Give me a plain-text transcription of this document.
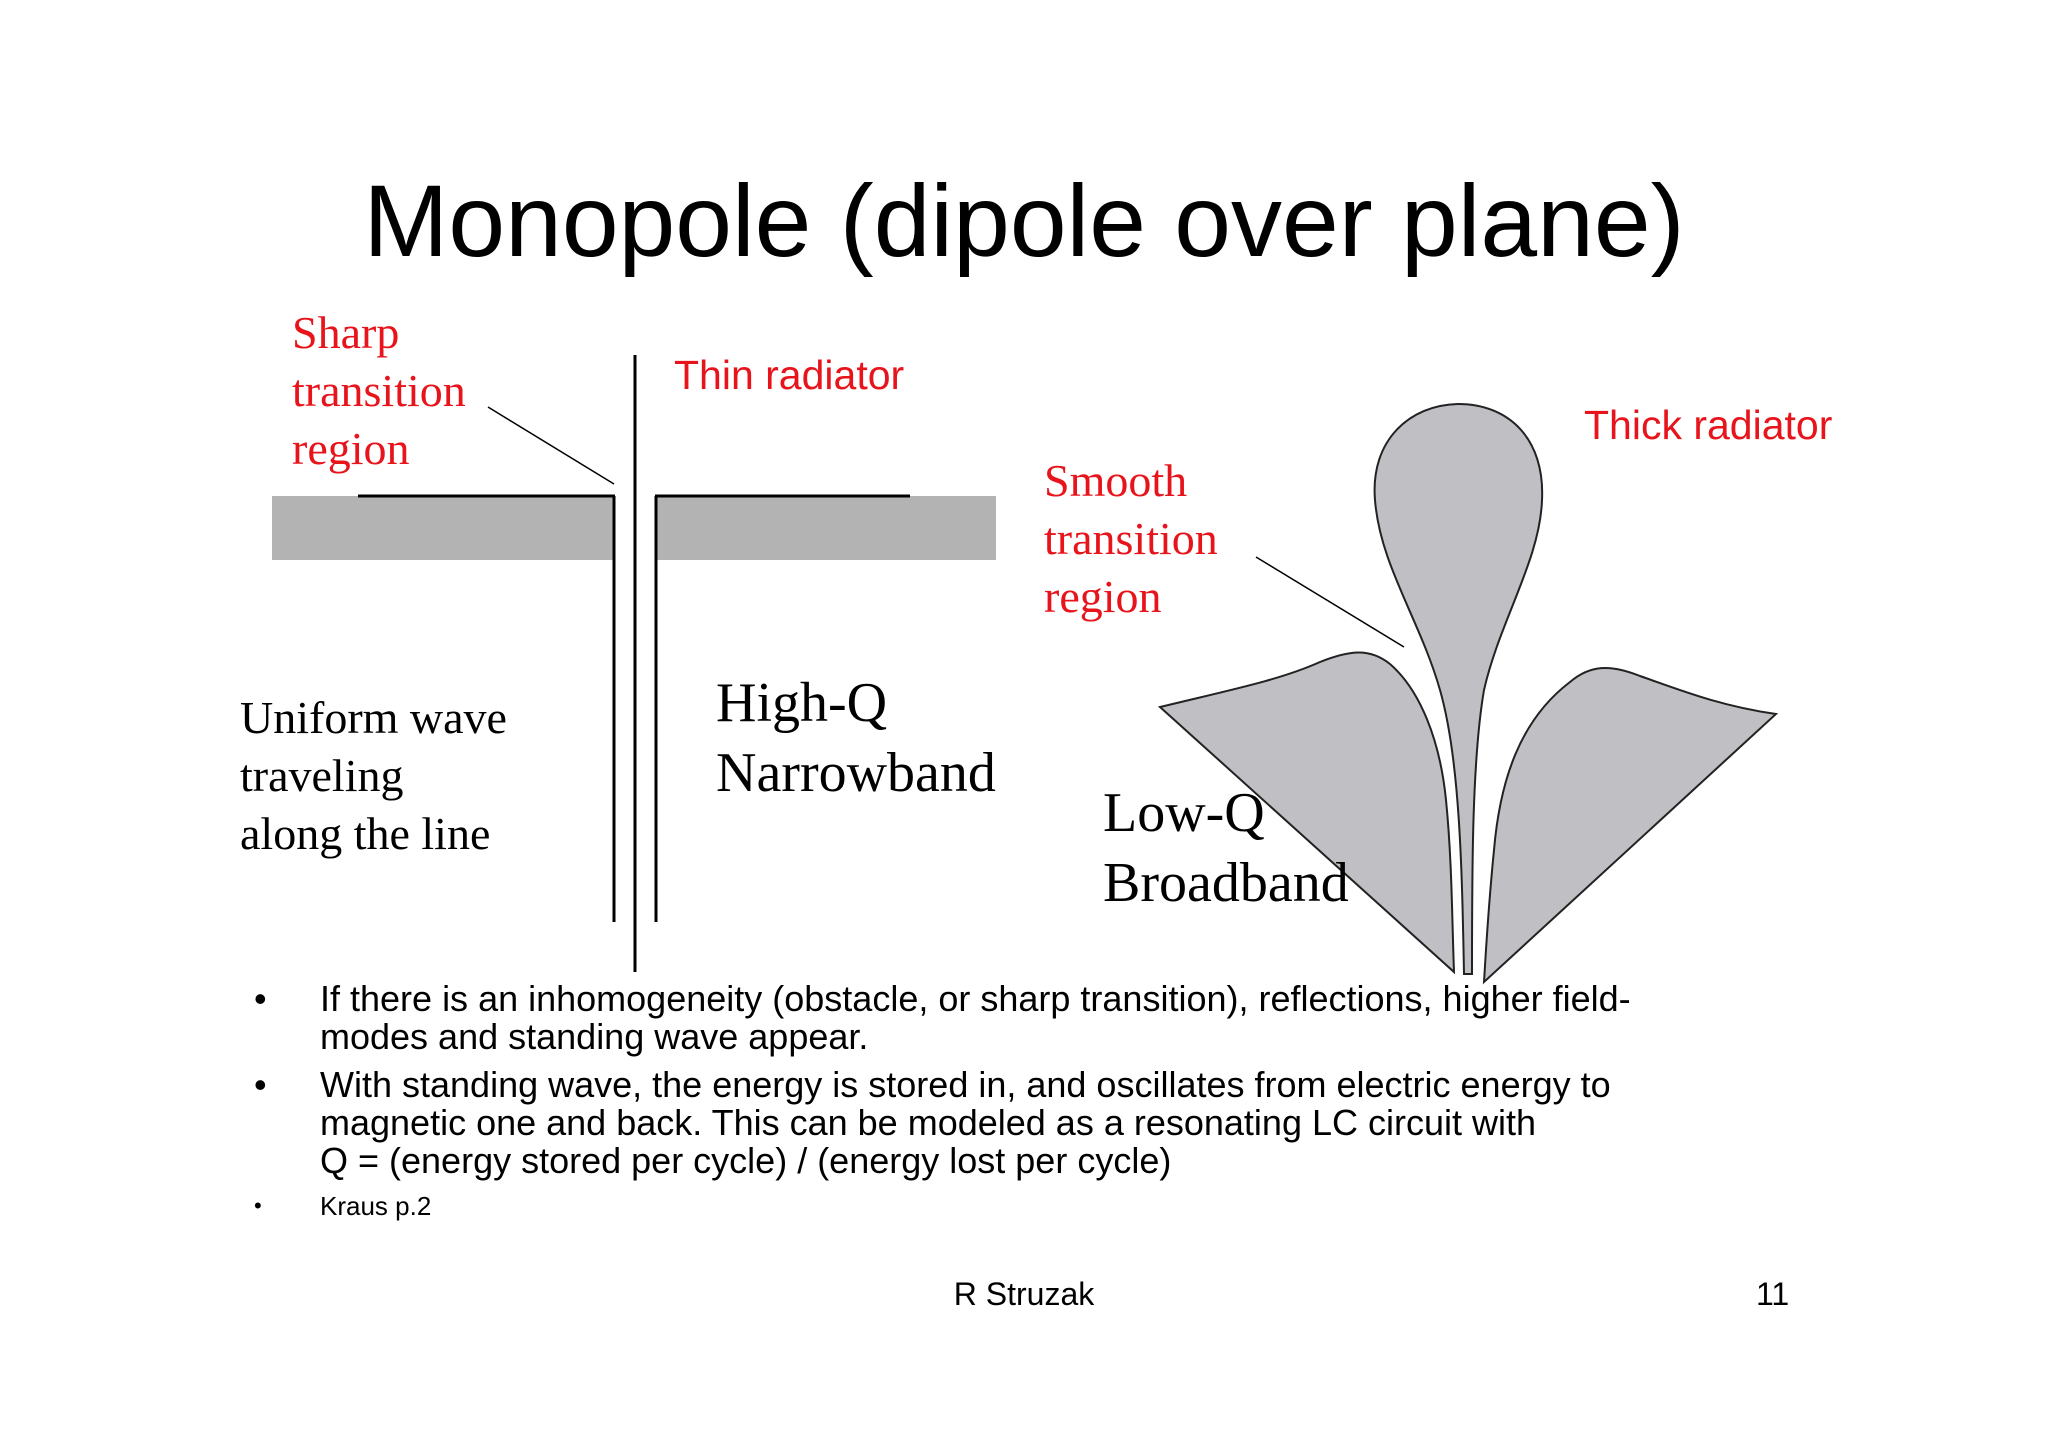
Monopole (dipole over plane)
Sharp
transition
region
Thin radiator
Uniform wave
traveling
along the line
High-Q
Narrowband
Thick radiator
Smooth
transition
region
Low-Q
Broadband
• If there is an inhomogeneity (obstacle, or sharp transition), reflections, higher field-
modes and standing wave appear.
• With standing wave, the energy is stored in, and oscillates from electric energy to
magnetic one and back. This can be modeled as a resonating LC circuit with
Q = (energy stored per cycle) / (energy lost per cycle)
• Kraus p.2
R Struzak	11
